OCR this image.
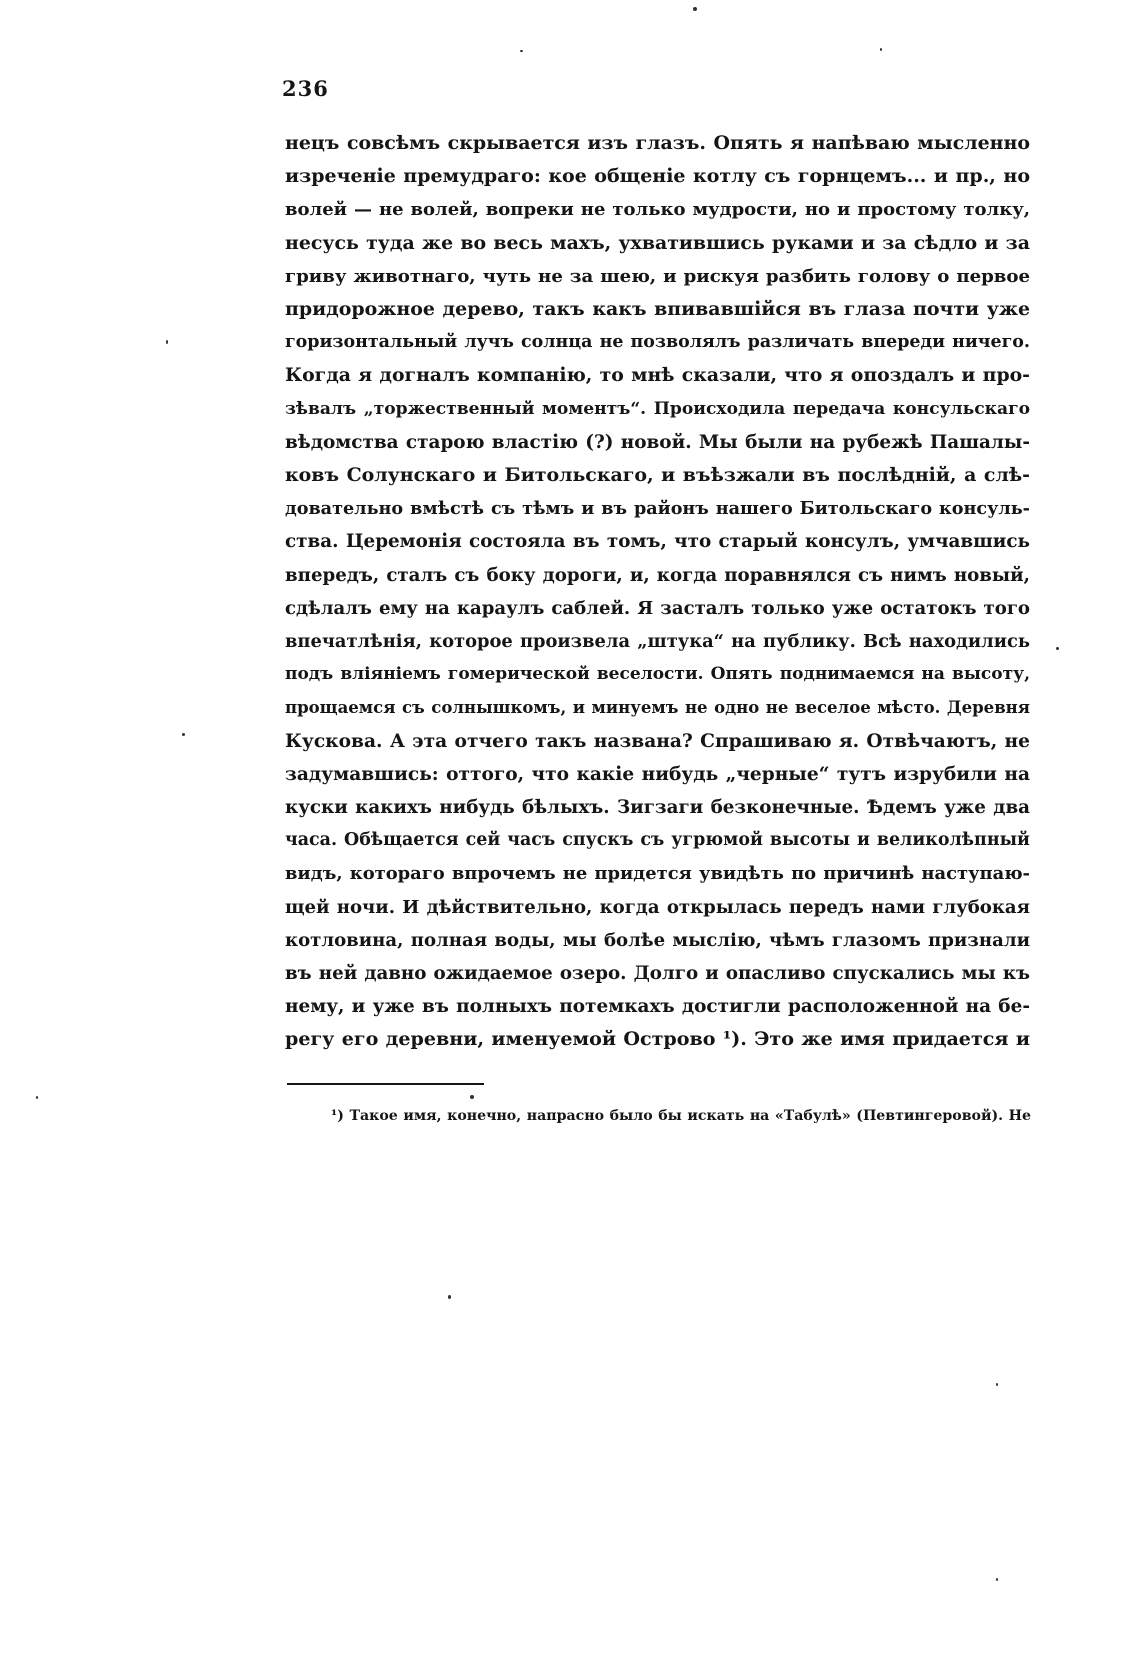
236
нецъ совсѣмъ скрывается изъ глазъ. Опять я напѣваю мысленно
изреченіе премудраго: кое общеніе котлу съ горнцемъ... и пр., но
волей — не волей, вопреки не только мудрости, но и простому толку,
несусь туда же во весь махъ, ухватившись руками и за сѣдло и за
гриву животнаго, чуть не за шею, и рискуя разбить голову о первое
придорожное дерево, такъ какъ впивавшійся въ глаза почти уже
горизонтальный лучъ солнца не позволялъ различать впереди ничего.
Когда я догналъ компанію, то мнѣ сказали, что я опоздалъ и про-
зѣвалъ „торжественный моментъ“. Происходила передача консульскаго
вѣдомства старою властію (?) новой. Мы были на рубежѣ Пашалы-
ковъ Солунскаго и Битольскаго, и въѣзжали въ послѣдній, а слѣ-
довательно вмѣстѣ съ тѣмъ и въ районъ нашего Битольскаго консуль-
ства. Церемонія состояла въ томъ, что старый консулъ, умчавшись
впередъ, сталъ съ боку дороги, и, когда поравнялся съ нимъ новый,
сдѣлалъ ему на караулъ саблей. Я засталъ только уже остатокъ того
впечатлѣнія, которое произвела „штука“ на публику. Всѣ находились
подъ вліяніемъ гомерической веселости. Опять поднимаемся на высоту,
прощаемся съ солнышкомъ, и минуемъ не одно не веселое мѣсто. Деревня
Кускова. А эта отчего такъ названа? Спрашиваю я. Отвѣчаютъ, не
задумавшись: оттого, что какіе нибудь „черные“ тутъ изрубили на
куски какихъ нибудь бѣлыхъ. Зигзаги безконечные. Ѣдемъ уже два
часа. Обѣщается сей часъ спускъ съ угрюмой высоты и великолѣпный
видъ, котораго впрочемъ не придется увидѣть по причинѣ наступаю-
щей ночи. И дѣйствительно, когда открылась передъ нами глубокая
котловина, полная воды, мы болѣе мыслію, чѣмъ глазомъ признали
въ ней давно ожидаемое озеро. Долго и опасливо спускались мы къ
нему, и уже въ полныхъ потемкахъ достигли расположенной на бе-
регу его деревни, именуемой Острово ¹). Это же имя придается и
¹) Такое имя, конечно, напрасно было бы искать на «Табулѣ» (Певтингеровой). Не
